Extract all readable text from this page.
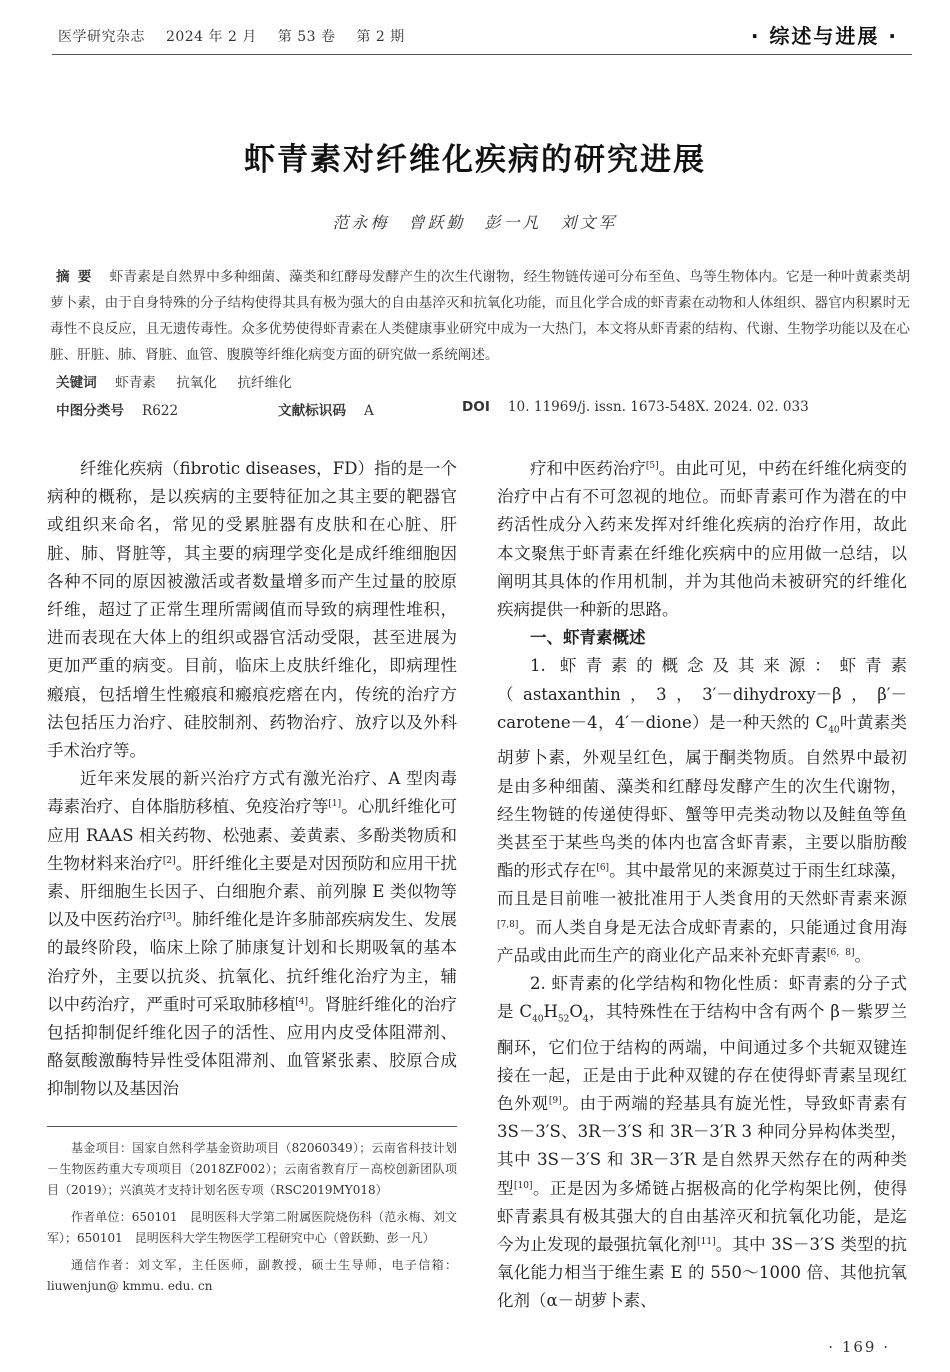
医学研究杂志 2024 年 2 月 第 53 卷 第 2 期	· 综述与进展 ·
虾青素对纤维化疾病的研究进展
范永梅　曾跃勤　彭一凡　刘文军
摘要 虾青素是自然界中多种细菌、藻类和红酵母发酵产生的次生代谢物，经生物链传递可分布至鱼、鸟等生物体内。它是一种叶黄素类胡萝卜素，由于自身特殊的分子结构使得其具有极为强大的自由基淬灭和抗氧化功能，而且化学合成的虾青素在动物和人体组织、器官内积累时无毒性不良反应，且无遗传毒性。众多优势使得虾青素在人类健康事业研究中成为一大热门，本文将从虾青素的结构、代谢、生物学功能以及在心脏、肝脏、肺、肾脏、血管、腹膜等纤维化病变方面的研究做一系统阐述。
关键词 虾青素 抗氧化 抗纤维化
中图分类号 R622	文献标识码 A	DOI 10. 11969/j. issn. 1673-548X. 2024. 02. 033

纤维化疾病（fibrotic diseases，FD）指的是一个病种的概称，是以疾病的主要特征加之其主要的靶器官或组织来命名，常见的受累脏器有皮肤和在心脏、肝脏、肺、肾脏等，其主要的病理学变化是成纤维细胞因各种不同的原因被激活或者数量增多而产生过量的胶原纤维，超过了正常生理所需阈值而导致的病理性堆积，进而表现在大体上的组织或器官活动受限，甚至进展为更加严重的病变。目前，临床上皮肤纤维化，即病理性瘢痕，包括增生性瘢痕和瘢痕疙瘩在内，传统的治疗方法包括压力治疗、硅胶制剂、药物治疗、放疗以及外科手术治疗等。

近年来发展的新兴治疗方式有激光治疗、A 型肉毒毒素治疗、自体脂肪移植、免疫治疗等[1]。心肌纤维化可应用 RAAS 相关药物、松弛素、姜黄素、多酚类物质和生物材料来治疗[2]。肝纤维化主要是对因预防和应用干扰素、肝细胞生长因子、白细胞介素、前列腺 E 类似物等以及中医药治疗[3]。肺纤维化是许多肺部疾病发生、发展的最终阶段，临床上除了肺康复计划和长期吸氧的基本治疗外，主要以抗炎、抗氧化、抗纤维化治疗为主，辅以中药治疗，严重时可采取肺移植[4]。肾脏纤维化的治疗包括抑制促纤维化因子的活性、应用内皮受体阻滞剂、酪氨酸激酶特异性受体阻滞剂、血管紧张素、胶原合成抑制物以及基因治

基金项目：国家自然科学基金资助项目（82060349）；云南省科技计划－生物医药重大专项项目（2018ZF002）；云南省教育厅－高校创新团队项目（2019）；兴滇英才支持计划名医专项（RSC2019MY018）

作者单位：650101　昆明医科大学第二附属医院烧伤科（范永梅、刘文军）；650101　昆明医科大学生物医学工程研究中心（曾跃勤、彭一凡）

通信作者：刘文军，主任医师，副教授，硕士生导师，电子信箱：liuwenjun@ kmmu. edu. cn

疗和中医药治疗[5]。由此可见，中药在纤维化病变的治疗中占有不可忽视的地位。而虾青素可作为潜在的中药活性成分入药来发挥对纤维化疾病的治疗作用，故此本文聚焦于虾青素在纤维化疾病中的应用做一总结，以阐明其具体的作用机制，并为其他尚未被研究的纤维化疾病提供一种新的思路。

一、虾青素概述

1. 虾青素的概念及其来源：虾青素（astaxanthin，3，3′－dihydroxy－β，β′－carotene－4，4′－dione）是一种天然的 $C_{40}$叶黄素类胡萝卜素，外观呈红色，属于酮类物质。自然界中最初是由多种细菌、藻类和红酵母发酵产生的次生代谢物，经生物链的传递使得虾、蟹等甲壳类动物以及鲑鱼等鱼类甚至于某些鸟类的体内也富含虾青素，主要以脂肪酸酯的形式存在[6]。其中最常见的来源莫过于雨生红球藻，而且是目前唯一被批准用于人类食用的天然虾青素来源[7,8]。而人类自身是无法合成虾青素的，只能通过食用海产品或由此而生产的商业化产品来补充虾青素[6，8]。

2. 虾青素的化学结构和物化性质：虾青素的分子式是 $C_{40}H_{52}O_4$，其特殊性在于结构中含有两个 β－紫罗兰酮环，它们位于结构的两端，中间通过多个共轭双键连接在一起，正是由于此种双键的存在使得虾青素呈现红色外观[9]。由于两端的羟基具有旋光性，导致虾青素有 3S－3′S、3R－3′S 和 3R－3′R 3 种同分异构体类型，其中 3S－3′S 和 3R－3′R 是自然界天然存在的两种类型[10]。正是因为多烯链占据极高的化学构架比例，使得虾青素具有极其强大的自由基淬灭和抗氧化功能，是迄今为止发现的最强抗氧化剂[11]。其中 3S－3′S 类型的抗氧化能力相当于维生素 E 的 550～1000 倍、其他抗氧化剂（α－胡萝卜素、

· 169 ·
